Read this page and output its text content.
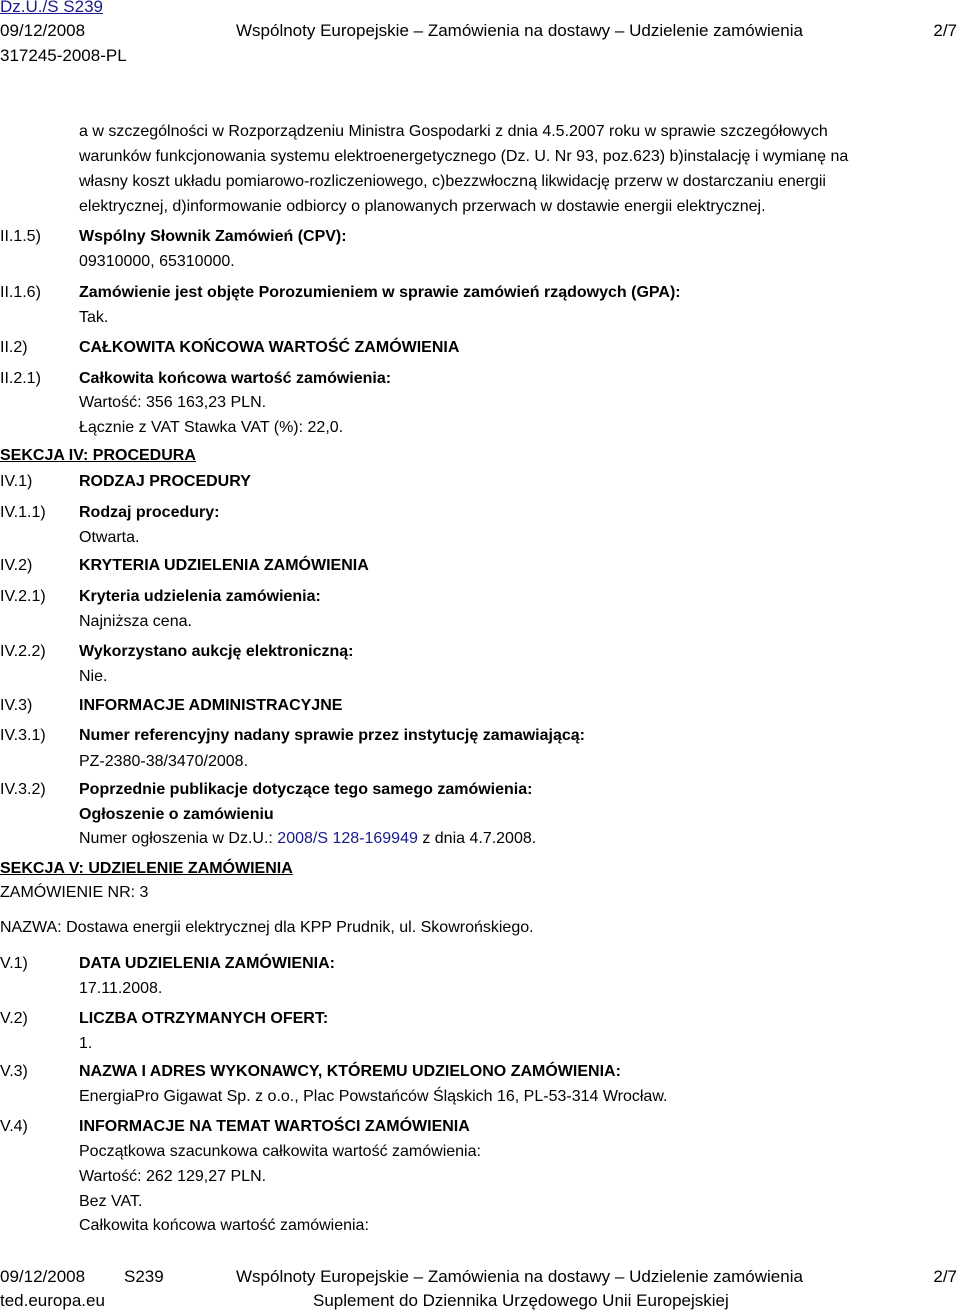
Dz.U./S S239
09/12/2008	Wspólnoty Europejskie – Zamówienia na dostawy – Udzielenie zamówienia	2/7
317245-2008-PL
a w szczególności w Rozporządzeniu Ministra Gospodarki z dnia 4.5.2007 roku w sprawie szczegółowych
warunków funkcjonowania systemu elektroenergetycznego (Dz. U. Nr 93, poz.623) b)instalację i wymianę na
własny koszt układu pomiarowo-rozliczeniowego, c)bezzwłoczną likwidację przerw w dostarczaniu energii
elektrycznej, d)informowanie odbiorcy o planowanych przerwach w dostawie energii elektrycznej.
II.1.5) Wspólny Słownik Zamówień (CPV):
09310000, 65310000.
II.1.6) Zamówienie jest objęte Porozumieniem w sprawie zamówień rządowych (GPA):
Tak.
II.2)	CAŁKOWITA KOŃCOWA WARTOŚĆ ZAMÓWIENIA
II.2.1) Całkowita końcowa wartość zamówienia:
Wartość: 356 163,23 PLN.
Łącznie z VAT Stawka VAT (%): 22,0.
SEKCJA IV: PROCEDURA
IV.1)	RODZAJ PROCEDURY
IV.1.1) Rodzaj procedury:
Otwarta.
IV.2)	KRYTERIA UDZIELENIA ZAMÓWIENIA
IV.2.1) Kryteria udzielenia zamówienia:
Najniższa cena.
IV.2.2) Wykorzystano aukcję elektroniczną:
Nie.
IV.3)	INFORMACJE ADMINISTRACYJNE
IV.3.1) Numer referencyjny nadany sprawie przez instytucję zamawiającą:
PZ-2380-38/3470/2008.
IV.3.2) Poprzednie publikacje dotyczące tego samego zamówienia:
Ogłoszenie o zamówieniu
Numer ogłoszenia w Dz.U.: 2008/S 128-169949 z dnia 4.7.2008.
SEKCJA V: UDZIELENIE ZAMÓWIENIA
ZAMÓWIENIE NR: 3
NAZWA: Dostawa energii elektrycznej dla KPP Prudnik, ul. Skowrońskiego.
V.1)	DATA UDZIELENIA ZAMÓWIENIA:
17.11.2008.
V.2)	LICZBA OTRZYMANYCH OFERT:
1.
V.3)	NAZWA I ADRES WYKONAWCY, KTÓREMU UDZIELONO ZAMÓWIENIA:
EnergiaPro Gigawat Sp. z o.o., Plac Powstańców Śląskich 16, PL-53-314 Wrocław.
V.4)	INFORMACJE NA TEMAT WARTOŚCI ZAMÓWIENIA
Początkowa szacunkowa całkowita wartość zamówienia:
Wartość: 262 129,27 PLN.
Bez VAT.
Całkowita końcowa wartość zamówienia:
09/12/2008 S239	Wspólnoty Europejskie – Zamówienia na dostawy – Udzielenie zamówienia	2/7
ted.europa.eu	Suplement do Dziennika Urzędowego Unii Europejskiej
